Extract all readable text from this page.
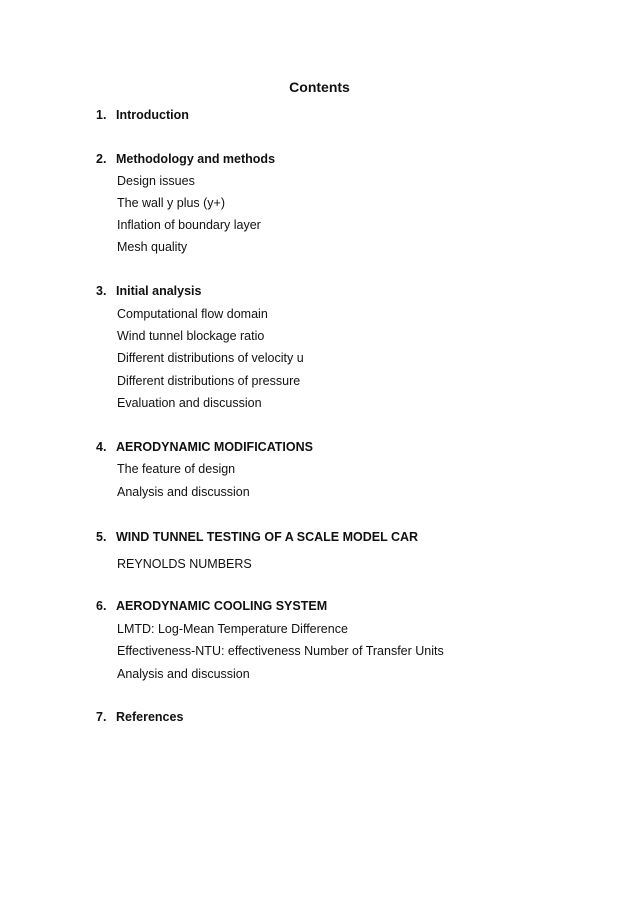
Contents
1. Introduction
2. Methodology and methods
Design issues
The wall y plus (y+)
Inflation of boundary layer
Mesh quality
3. Initial analysis
Computational flow domain
Wind tunnel blockage ratio
Different distributions of velocity u
Different distributions of pressure
Evaluation and discussion
4. AERODYNAMIC MODIFICATIONS
The feature of design
Analysis and discussion
5. WIND TUNNEL TESTING OF A SCALE MODEL CAR
REYNOLDS NUMBERS
6. AERODYNAMIC COOLING SYSTEM
LMTD: Log-Mean Temperature Difference
Effectiveness-NTU: effectiveness Number of Transfer Units
Analysis and discussion
7. References
